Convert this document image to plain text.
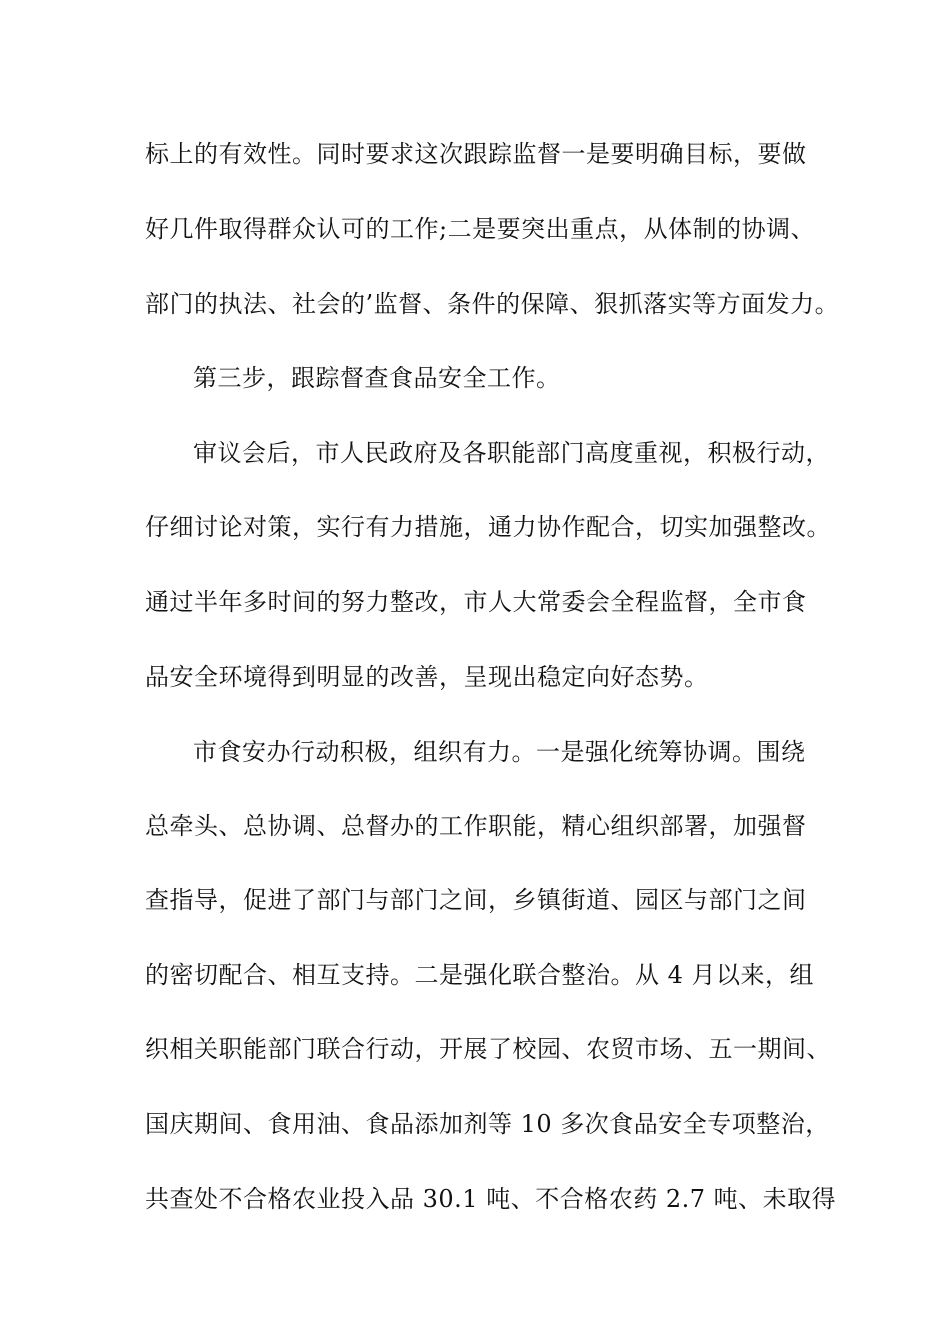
标上的有效性。同时要求这次跟踪监督一是要明确目标，要做
好几件取得群众认可的工作;二是要突出重点，从体制的协调、
部门的执法、社会的’监督、条件的保障、狠抓落实等方面发力。
第三步，跟踪督查食品安全工作。
审议会后，市人民政府及各职能部门高度重视，积极行动，
仔细讨论对策，实行有力措施，通力协作配合，切实加强整改。
通过半年多时间的努力整改，市人大常委会全程监督，全市食
品安全环境得到明显的改善，呈现出稳定向好态势。
市食安办行动积极，组织有力。一是强化统筹协调。围绕
总牵头、总协调、总督办的工作职能，精心组织部署，加强督
查指导，促进了部门与部门之间，乡镇街道、园区与部门之间
的密切配合、相互支持。二是强化联合整治。从 4 月以来，组
织相关职能部门联合行动，开展了校园、农贸市场、五一期间、
国庆期间、食用油、食品添加剂等 10 多次食品安全专项整治，
共查处不合格农业投入品 30.1 吨、不合格农药 2.7 吨、未取得
